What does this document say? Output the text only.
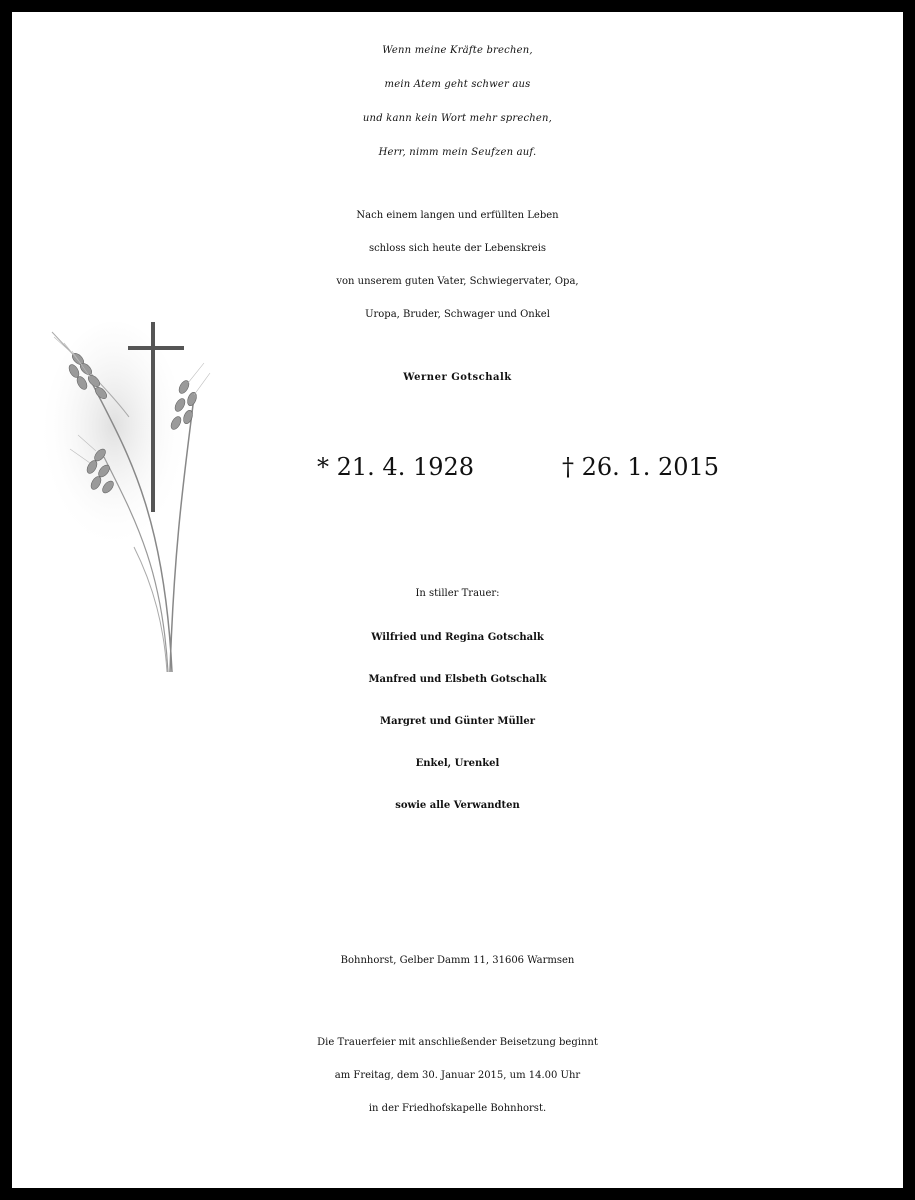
Wenn meine Kräfte brechen,
mein Atem geht schwer aus
und kann kein Wort mehr sprechen,
Herr, nimm mein Seufzen auf.
Nach einem langen und erfüllten Leben
schloss sich heute der Lebenskreis
von unserem guten Vater, Schwiegervater, Opa,
Uropa, Bruder, Schwager und Onkel
Werner Gotschalk
* 21. 4. 1928	† 26. 1. 2015
In stiller Trauer:
Wilfried und Regina Gotschalk
Manfred und Elsbeth Gotschalk
Margret und Günter Müller
Enkel, Urenkel
sowie alle Verwandten
Bohnhorst, Gelber Damm 11, 31606 Warmsen
Die Trauerfeier mit anschließender Beisetzung beginnt
am Freitag, dem 30. Januar 2015, um 14.00 Uhr
in der Friedhofskapelle Bohnhorst.
